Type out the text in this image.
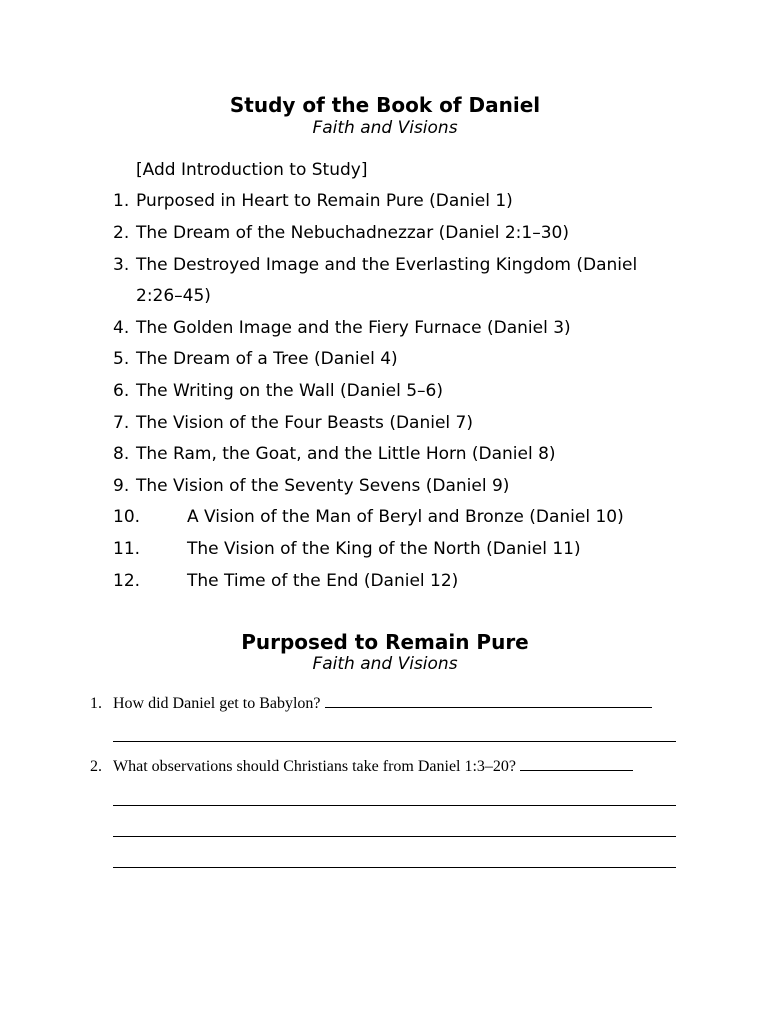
Study of the Book of Daniel
Faith and Visions
[Add Introduction to Study]
1. Purposed in Heart to Remain Pure (Daniel 1)
2. The Dream of the Nebuchadnezzar (Daniel 2:1–30)
3. The Destroyed Image and the Everlasting Kingdom (Daniel
2:26–45)
4. The Golden Image and the Fiery Furnace (Daniel 3)
5. The Dream of a Tree (Daniel 4)
6. The Writing on the Wall (Daniel 5–6)
7. The Vision of the Four Beasts (Daniel 7)
8. The Ram, the Goat, and the Little Horn (Daniel 8)
9. The Vision of the Seventy Sevens (Daniel 9)
10.	A Vision of the Man of Beryl and Bronze (Daniel 10)
11.	The Vision of the King of the North (Daniel 11)
12.	The Time of the End (Daniel 12)
Purposed to Remain Pure
Faith and Visions
1. How did Daniel get to Babylon?
2. What observations should Christians take from Daniel 1:3–20?
